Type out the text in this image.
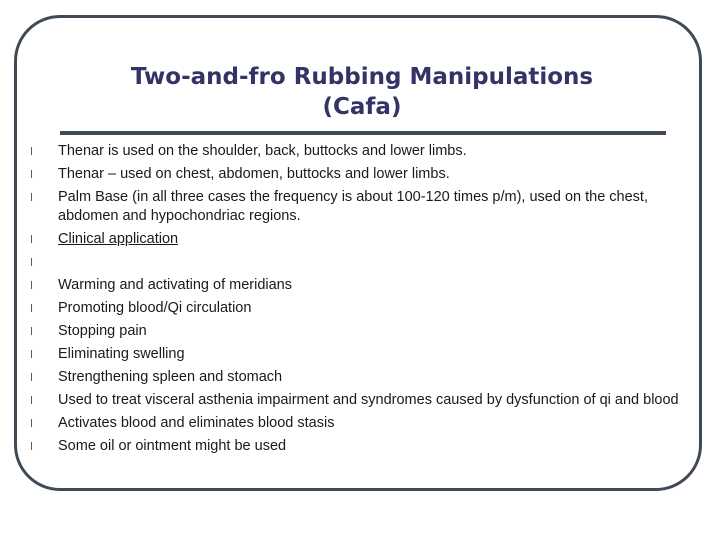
Two-and-fro Rubbing Manipulations
(Cafa)
l Thenar is used on the shoulder, back, buttocks and lower limbs.
l Thenar – used on chest, abdomen, buttocks and lower limbs.
l Palm Base (in all three cases the frequency is about 100-120 times p/m), used on the chest, abdomen and hypochondriac regions.
l Clinical application
l
l Warming and activating of meridians
l Promoting blood/Qi circulation
l Stopping pain
l Eliminating swelling
l Strengthening spleen and stomach
l Used to treat visceral asthenia impairment and syndromes caused by dysfunction of qi and blood
l Activates blood and eliminates blood stasis
l Some oil or ointment might be used
